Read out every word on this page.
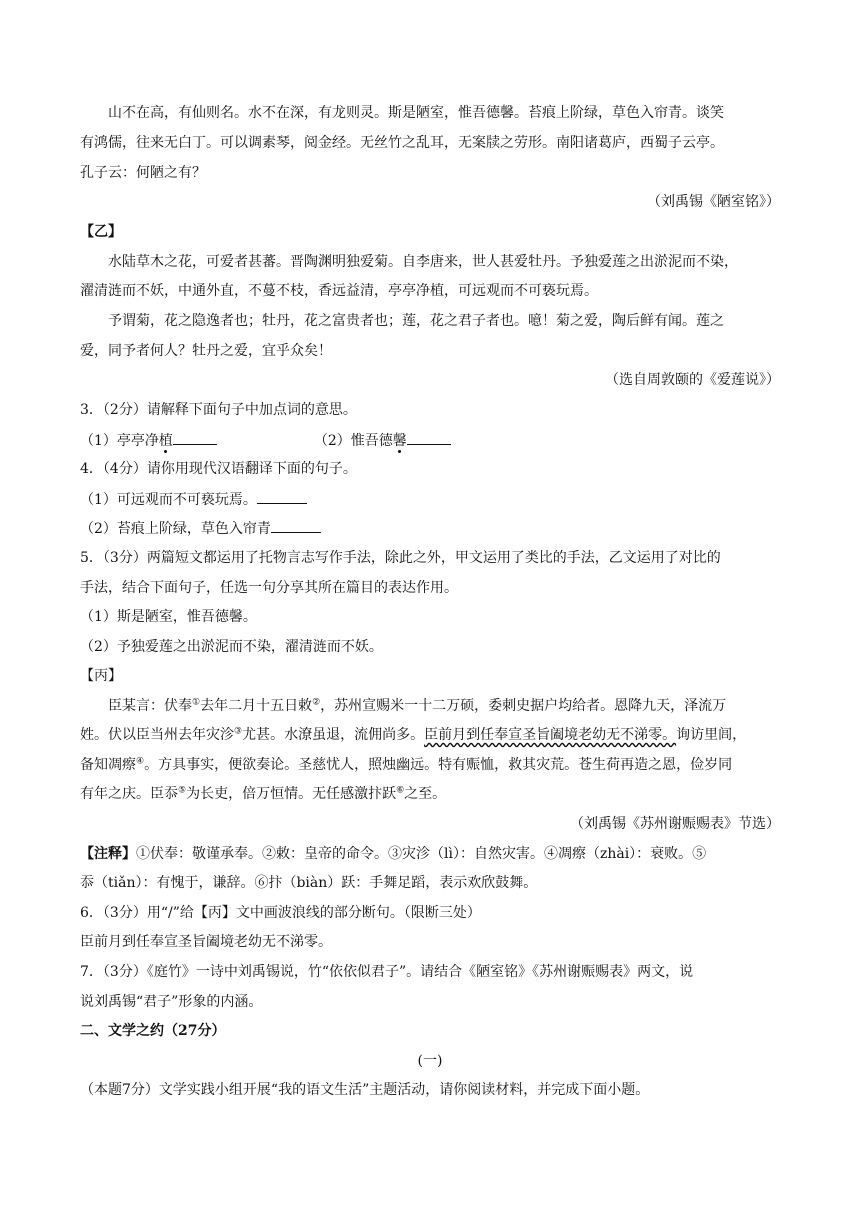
山不在高，有仙则名。水不在深，有龙则灵。斯是陋室，惟吾德馨。苔痕上阶绿，草色入帘青。谈笑
有鸿儒，往来无白丁。可以调素琴，阅金经。无丝竹之乱耳，无案牍之劳形。南阳诸葛庐，西蜀子云亭。
孔子云：何陋之有？
（刘禹锡《陋室铭》）
【乙】
水陆草木之花，可爱者甚蕃。晋陶渊明独爱菊。自李唐来，世人甚爱牡丹。予独爱莲之出淤泥而不染，
濯清涟而不妖，中通外直，不蔓不枝，香远益清，亭亭净植，可远观而不可亵玩焉。
予谓菊，花之隐逸者也；牡丹，花之富贵者也；莲，花之君子者也。噫！菊之爱，陶后鲜有闻。莲之
爱，同予者何人？牡丹之爱，宜乎众矣！
（选自周敦颐的《爱莲说》）
3．（2分）请解释下面句子中加点词的意思。
（1）亭亭净植	（2）惟吾德馨
4．（4分）请你用现代汉语翻译下面的句子。
（1）可远观而不可亵玩焉。
（2）苔痕上阶绿，草色入帘青
5．（3分）两篇短文都运用了托物言志写作手法，除此之外，甲文运用了类比的手法，乙文运用了对比的
手法，结合下面句子，任选一句分享其所在篇目的表达作用。
（1）斯是陋室，惟吾德馨。
（2）予独爱莲之出淤泥而不染，濯清涟而不妖。
【丙】
臣某言：伏奉①去年二月十五日敕②，苏州宣赐米一十二万硕，委刺史据户均给者。恩降九天，泽流万
姓。伏以臣当州去年灾沴③尤甚。水潦虽退，流佣尚多。臣前月到任奉宣圣旨阖境老幼无不涕零。询访里闾，
备知凋瘵④。方具事实，便欲奏论。圣慈忧人，照烛幽远。特有赈恤，救其灾荒。苍生荷再造之恩，俭岁同
有年之庆。臣忝⑤为长吏，倍万恒情。无任感激抃跃⑥之至。
（刘禹锡《苏州谢赈赐表》节选）
【注释】①伏奉：敬谨承奉。②敕：皇帝的命令。③灾沴（lì）：自然灾害。④凋瘵（zhài）：衰败。⑤
忝（tiǎn）：有愧于，谦辞。⑥抃（biàn）跃：手舞足蹈，表示欢欣鼓舞。
6．（3分）用“/”给【丙】文中画波浪线的部分断句。（限断三处）
臣前月到任奉宣圣旨阖境老幼无不涕零。
7．（3分）《庭竹》一诗中刘禹锡说，竹“依依似君子”。请结合《陋室铭》《苏州谢赈赐表》两文，说
说刘禹锡“君子”形象的内涵。
二、文学之约（27分）
(一)
（本题7分）文学实践小组开展“我的语文生活”主题活动，请你阅读材料，并完成下面小题。
